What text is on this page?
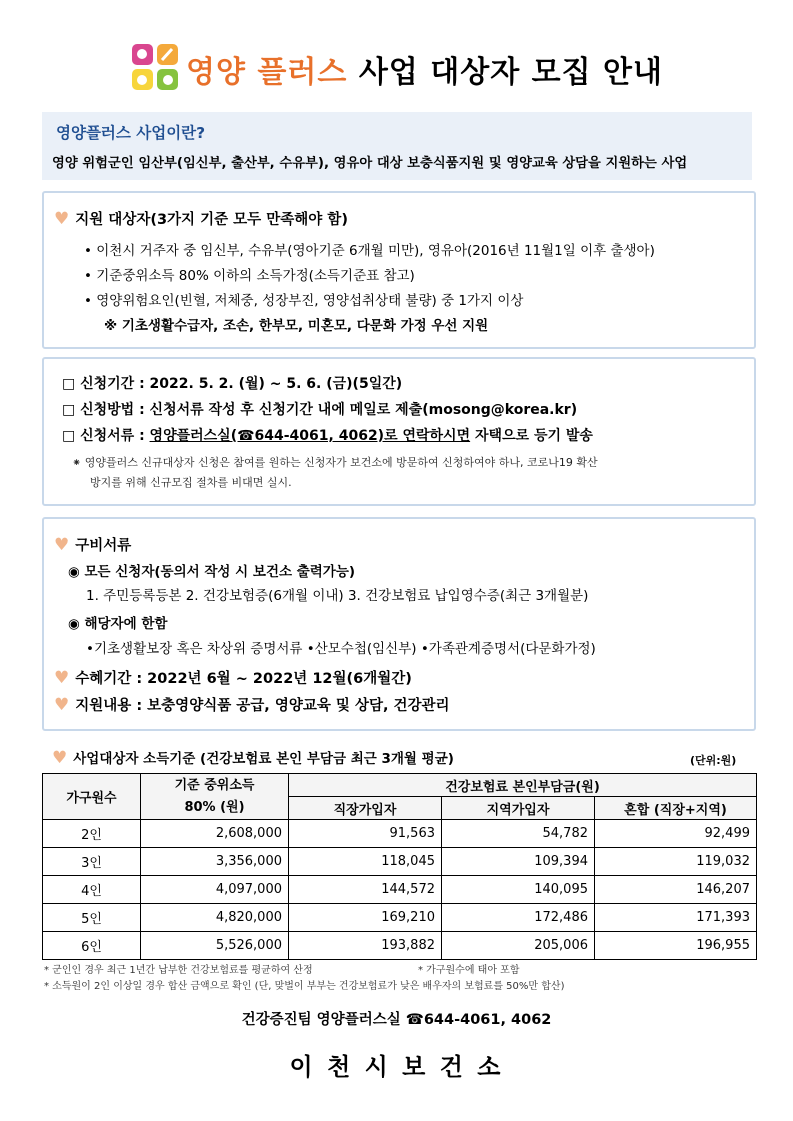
영양 플러스 사업 대상자 모집 안내
영양플러스 사업이란?
영양 위험군인 임산부(임신부, 출산부, 수유부), 영유아 대상 보충식품지원 및 영양교육 상담을 지원하는 사업
♥ 지원 대상자(3가지 기준 모두 만족해야 함)
• 이천시 거주자 중 임신부, 수유부(영아기준 6개월 미만), 영유아(2016년 11월1일 이후 출생아)
• 기준중위소득 80% 이하의 소득가정(소득기준표 참고)
• 영양위험요인(빈혈, 저체중, 성장부진, 영양섭취상태 불량) 중 1가지 이상
※ 기초생활수급자, 조손, 한부모, 미혼모, 다문화 가정 우선 지원
□ 신청기간 : 2022. 5. 2. (월) ~ 5. 6. (금)(5일간)
□ 신청방법 : 신청서류 작성 후 신청기간 내에 메일로 제출(mosong@korea.kr)
□ 신청서류 : 영양플러스실(☎644-4061, 4062)로 연락하시면 자택으로 등기 발송
⁕ 영양플러스 신규대상자 신청은 참여를 원하는 신청자가 보건소에 방문하여 신청하여야 하나, 코로나19 확산
방지를 위해 신규모집 절차를 비대면 실시.
♥ 구비서류
◉ 모든 신청자(동의서 작성 시 보건소 출력가능)
1. 주민등록등본 2. 건강보험증(6개월 이내) 3. 건강보험료 납입영수증(최근 3개월분)
◉ 해당자에 한함
•기초생활보장 혹은 차상위 증명서류 •산모수첩(임신부) •가족관계증명서(다문화가정)
♥ 수혜기간 : 2022년 6월 ~ 2022년 12월(6개월간)
♥ 지원내용 : 보충영양식품 공급, 영양교육 및 상담, 건강관리
♥ 사업대상자 소득기준 (건강보험료 본인 부담금 최근 3개월 평균)	(단위:원)
가구원수	기준 중위소득
80% (원)	건강보험료 본인부담금(원)		
		직장가입자	지역가입자	혼합 (직장+지역)
2인	2,608,000	91,563	54,782	92,499
3인	3,356,000	118,045	109,394	119,032
4인	4,097,000	144,572	140,095	146,207
5인	4,820,000	169,210	172,486	171,393
6인	5,526,000	193,882	205,006	196,955
* 군인인 경우 최근 1년간 납부한 건강보험료를 평균하여 산정	* 가구원수에 태아 포함
* 소득원이 2인 이상일 경우 합산 금액으로 확인 (단, 맞벌이 부부는 건강보험료가 낮은 배우자의 보험료를 50%만 합산)
건강증진팀 영양플러스실 ☎644-4061, 4062
이 천 시 보 건 소
